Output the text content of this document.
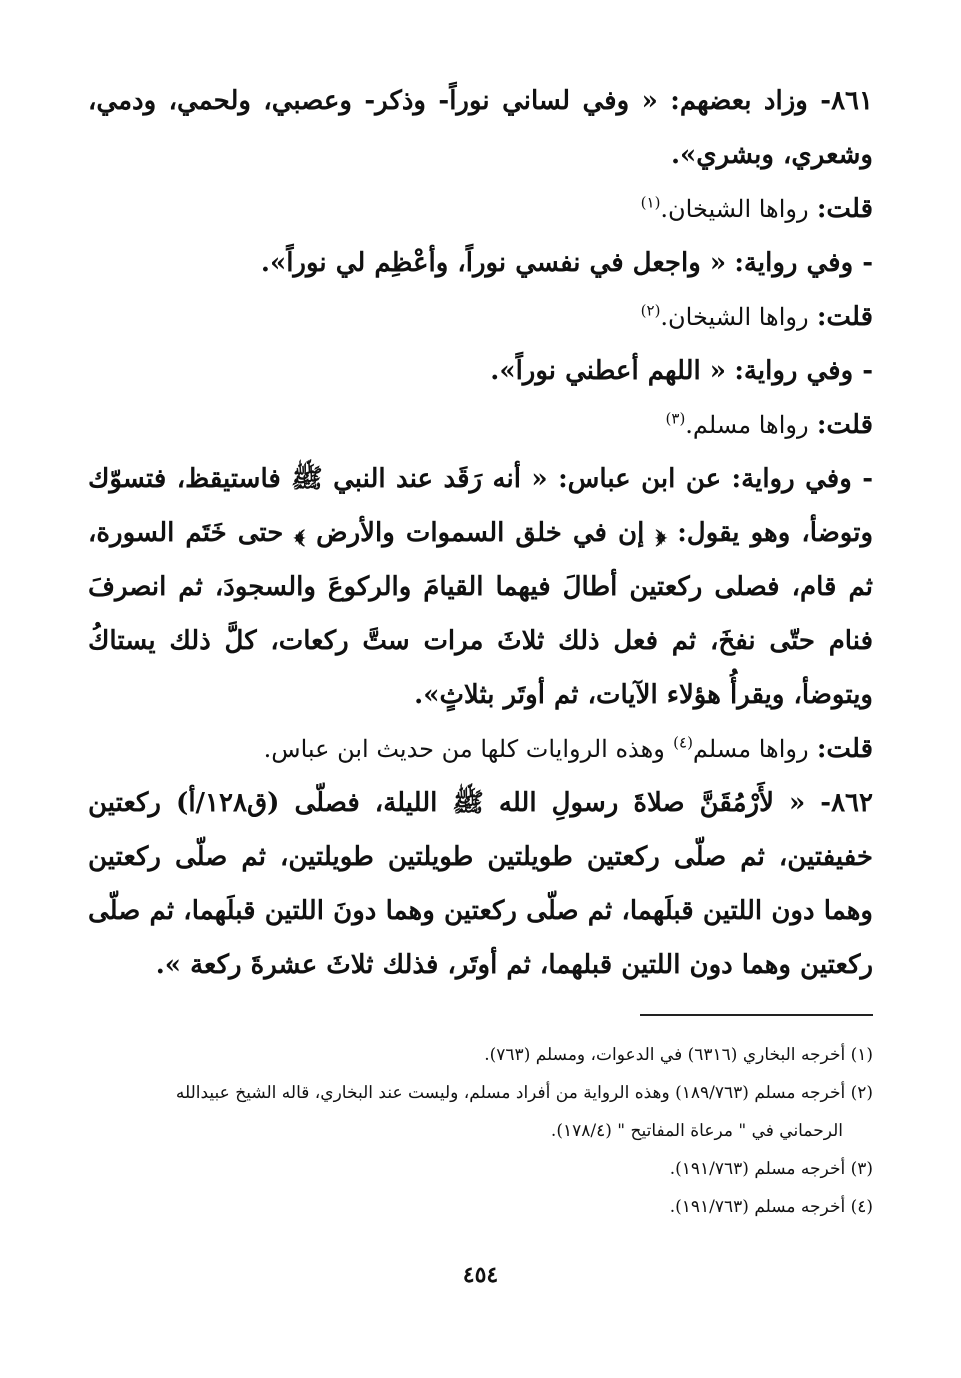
٨٦١- وزاد بعضهم: « وفي لساني نوراً- وذكر- وعصبي، ولحمي، ودمي، وشعري، وبشري».

قلت: رواها الشيخان.$^{(١)}$

- وفي رواية: « واجعل في نفسي نوراً، وأعْظِم لي نوراً».

قلت: رواها الشيخان.$^{(٢)}$

- وفي رواية: « اللهم أعطني نوراً».

قلت: رواها مسلم.$^{(٣)}$

- وفي رواية: عن ابن عباس: « أنه رَقَد عند النبي ﷺ فاستيقظ، فتسوّك وتوضأ، وهو يقول: ﴿ إن في خلق السموات والأرض ﴾ حتى خَتَم السورة، ثم قام، فصلى ركعتين أطالَ فيهما القيامَ والركوعَ والسجودَ، ثم انصرفَ فنام حتّى نفخَ، ثم فعل ذلك ثلاثَ مرات ستَّ ركعات، كلَّ ذلك يستاكُ ويتوضأ، ويقرأُ هؤلاء الآيات، ثم أوتَر بثلاثٍ».

قلت: رواها مسلم$^{(٤)}$ وهذه الروايات كلها من حديث ابن عباس.

٨٦٢- « لأَرْمُقَنَّ صلاةَ رسولِ الله ﷺ الليلة، فصلّى (ق١٢٨/أ) ركعتين خفيفتين، ثم صلّى ركعتين طويلتين طويلتين طويلتين، ثم صلّى ركعتين وهما دون اللتين قبلَهما، ثم صلّى ركعتين وهما دونَ اللتين قبلَهما، ثم صلّى ركعتين وهما دون اللتين قبلهما، ثم أوتَر، فذلك ثلاثَ عشرةَ ركعة ».

(١) أخرجه البخاري (٦٣١٦) في الدعوات، ومسلم (٧٦٣).

(٢) أخرجه مسلم (١٨٩/٧٦٣) وهذه الرواية من أفراد مسلم، وليست عند البخاري، قاله الشيخ عبيدالله

الرحماني في " مرعاة المفاتيح " (١٧٨/٤).

(٣) أخرجه مسلم (١٩١/٧٦٣).

(٤) أخرجه مسلم (١٩١/٧٦٣).

٤٥٤
